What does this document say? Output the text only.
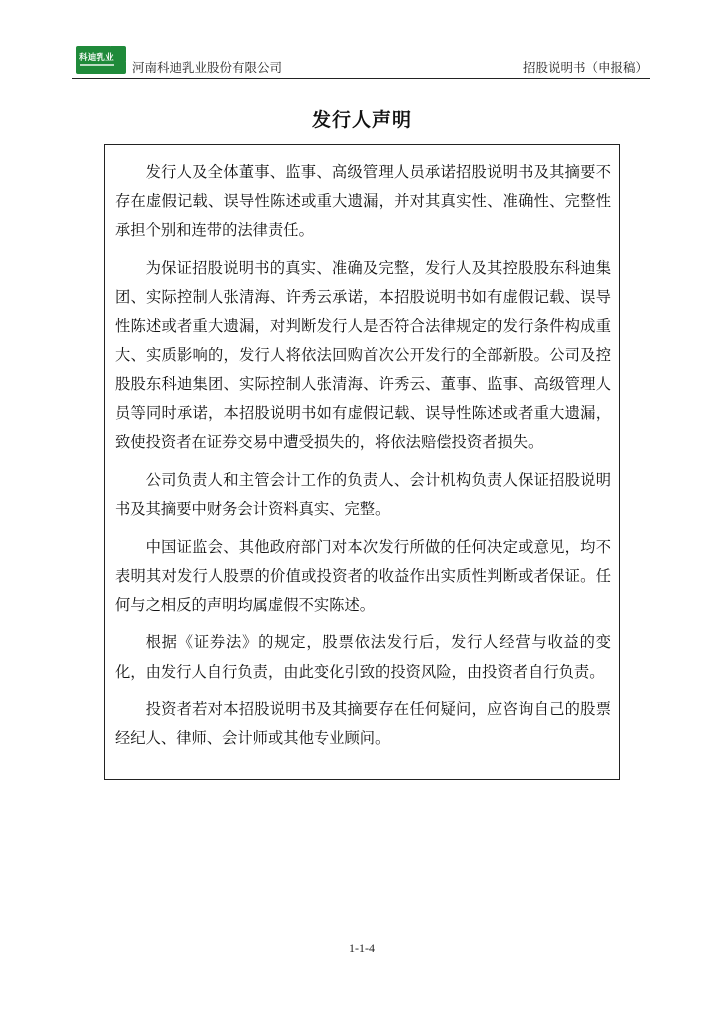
科迪乳业
河南科迪乳业股份有限公司	招股说明书（申报稿）
发行人声明

发行人及全体董事、监事、高级管理人员承诺招股说明书及其摘要不存在虚假记载、误导性陈述或重大遗漏，并对其真实性、准确性、完整性承担个别和连带的法律责任。

为保证招股说明书的真实、准确及完整，发行人及其控股股东科迪集团、实际控制人张清海、许秀云承诺，本招股说明书如有虚假记载、误导性陈述或者重大遗漏，对判断发行人是否符合法律规定的发行条件构成重大、实质影响的，发行人将依法回购首次公开发行的全部新股。公司及控股股东科迪集团、实际控制人张清海、许秀云、董事、监事、高级管理人员等同时承诺，本招股说明书如有虚假记载、误导性陈述或者重大遗漏，致使投资者在证券交易中遭受损失的，将依法赔偿投资者损失。

公司负责人和主管会计工作的负责人、会计机构负责人保证招股说明书及其摘要中财务会计资料真实、完整。

中国证监会、其他政府部门对本次发行所做的任何决定或意见，均不表明其对发行人股票的价值或投资者的收益作出实质性判断或者保证。任何与之相反的声明均属虚假不实陈述。

根据《证券法》的规定，股票依法发行后，发行人经营与收益的变化，由发行人自行负责，由此变化引致的投资风险，由投资者自行负责。

投资者若对本招股说明书及其摘要存在任何疑问，应咨询自己的股票经纪人、律师、会计师或其他专业顾问。

1-1-4
